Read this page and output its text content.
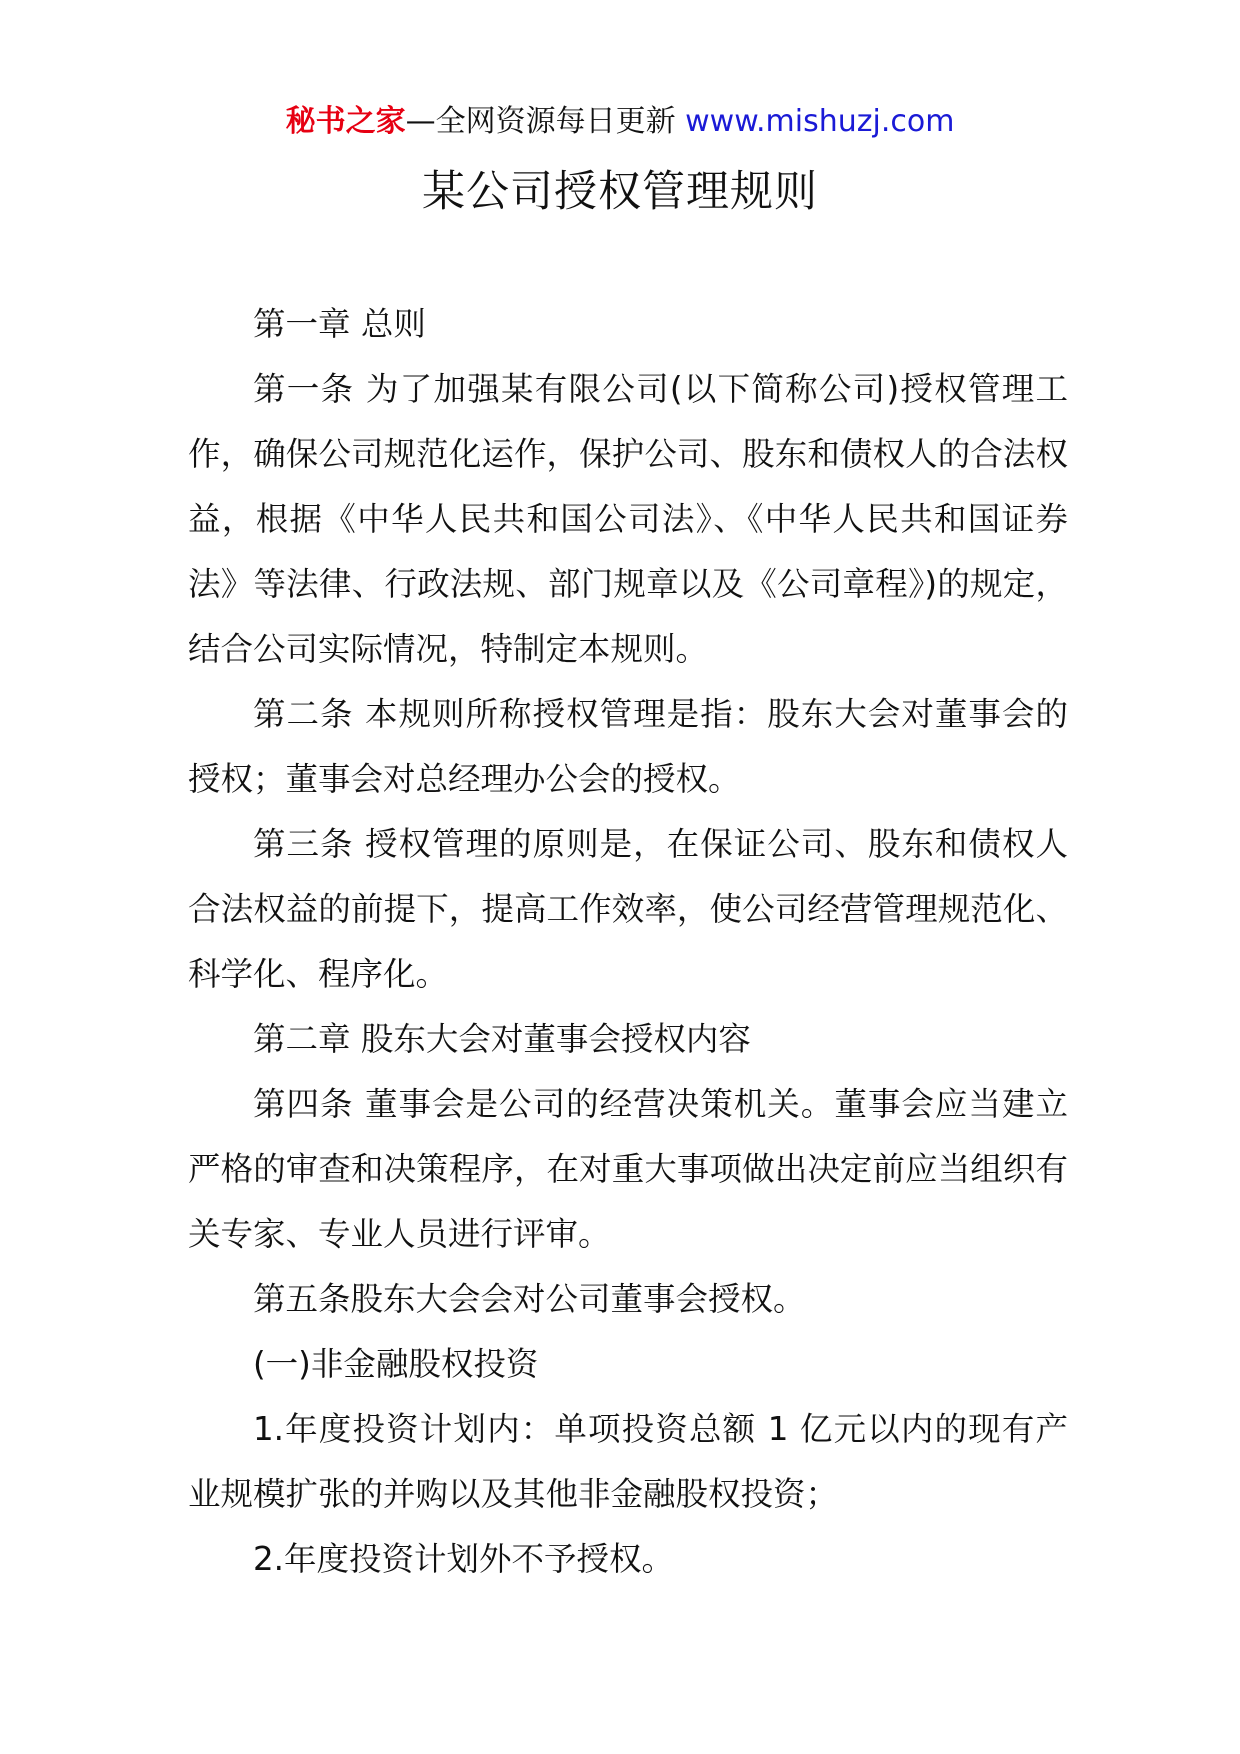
秘书之家—全网资源每日更新 www.mishuzj.com
某公司授权管理规则

第一章 总则

第一条 为了加强某有限公司(以下简称公司)授权管理工作，确保公司规范化运作，保护公司、股东和债权人的合法权益，根据《中华人民共和国公司法》、《中华人民共和国证券法》等法律、行政法规、部门规章以及《公司章程》)的规定，结合公司实际情况，特制定本规则。

第二条 本规则所称授权管理是指：股东大会对董事会的授权；董事会对总经理办公会的授权。

第三条 授权管理的原则是，在保证公司、股东和债权人合法权益的前提下，提高工作效率，使公司经营管理规范化、科学化、程序化。

第二章 股东大会对董事会授权内容

第四条 董事会是公司的经营决策机关。董事会应当建立严格的审查和决策程序，在对重大事项做出决定前应当组织有关专家、专业人员进行评审。

第五条股东大会会对公司董事会授权。

(一)非金融股权投资

1.年度投资计划内：单项投资总额 1 亿元以内的现有产业规模扩张的并购以及其他非金融股权投资；

2.年度投资计划外不予授权。
